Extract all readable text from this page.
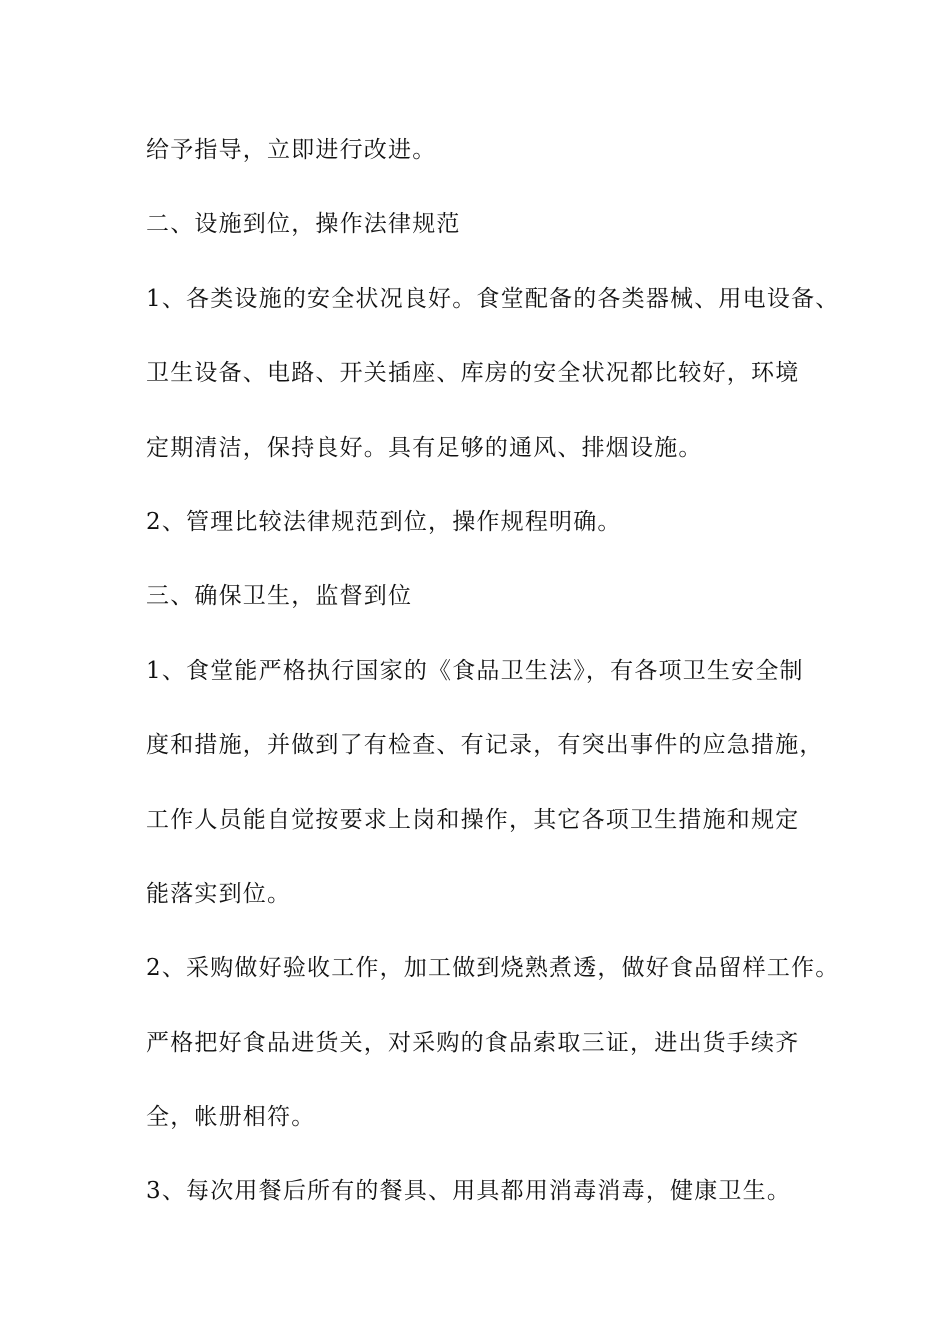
给予指导，立即进行改进。

二、设施到位，操作法律规范

1、各类设施的安全状况良好。食堂配备的各类器械、用电设备、

卫生设备、电路、开关插座、库房的安全状况都比较好，环境

定期清洁，保持良好。具有足够的通风、排烟设施。

2、管理比较法律规范到位，操作规程明确。

三、确保卫生，监督到位

1、食堂能严格执行国家的《食品卫生法》，有各项卫生安全制

度和措施，并做到了有检查、有记录，有突出事件的应急措施，

工作人员能自觉按要求上岗和操作，其它各项卫生措施和规定

能落实到位。

2、采购做好验收工作，加工做到烧熟煮透，做好食品留样工作。

严格把好食品进货关，对采购的食品索取三证，进出货手续齐

全，帐册相符。

3、每次用餐后所有的餐具、用具都用消毒消毒，健康卫生。
